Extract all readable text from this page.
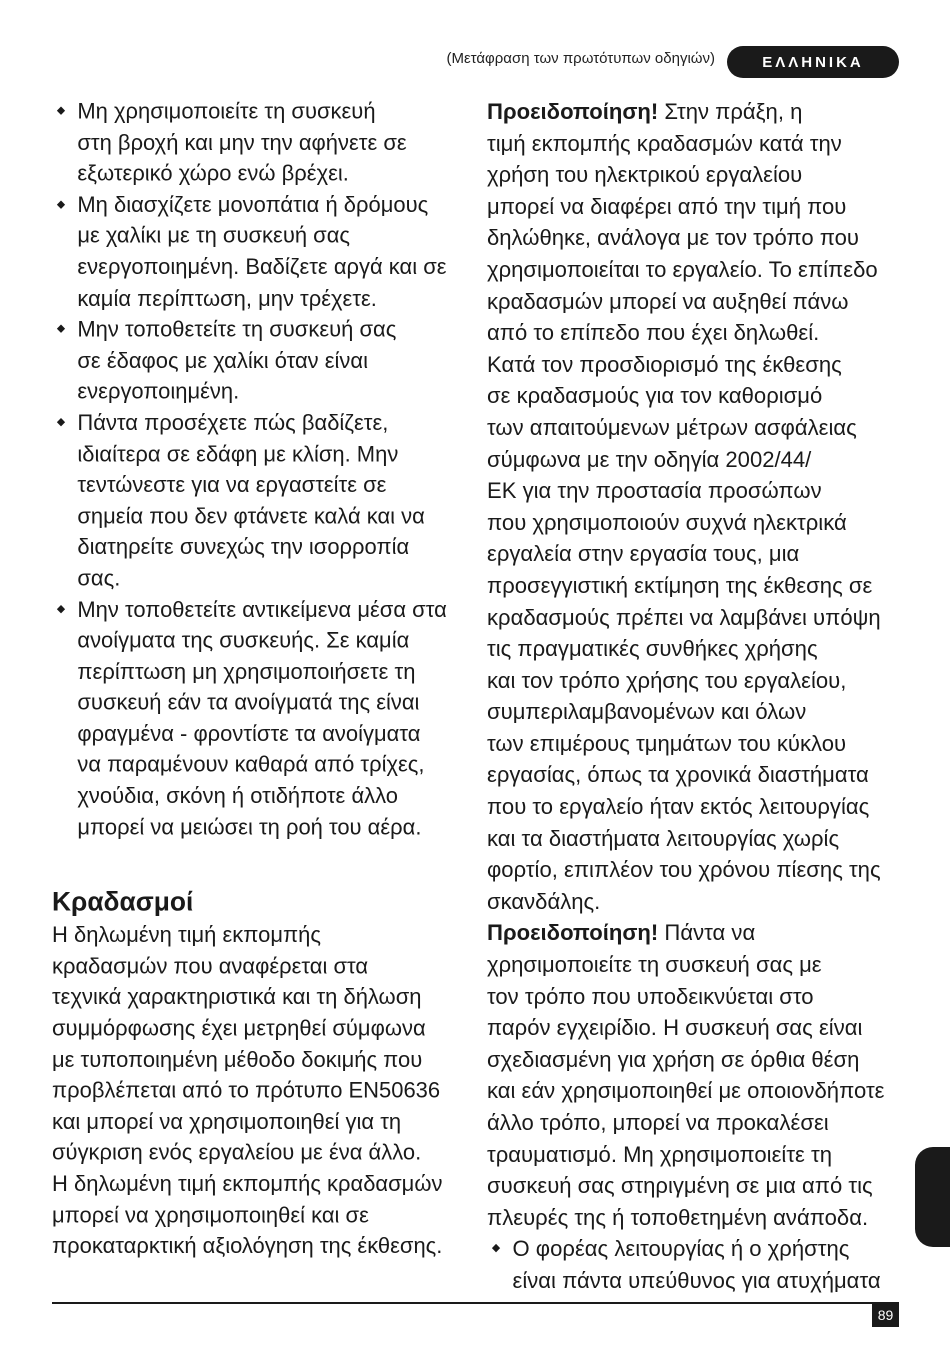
(Μετάφραση των πρωτότυπων οδηγιών)	ΕΛΛΗΝΙΚΑ
◆ Μη χρησιμοποιείτε τη συσκευή
στη βροχή και μην την αφήνετε σε
εξωτερικό χώρο ενώ βρέχει.
◆ Μη διασχίζετε μονοπάτια ή δρόμους
με χαλίκι με τη συσκευή σας
ενεργοποιημένη. Βαδίζετε αργά και σε
καμία περίπτωση, μην τρέχετε.
◆ Μην τοποθετείτε τη συσκευή σας
σε έδαφος με χαλίκι όταν είναι
ενεργοποιημένη.
◆ Πάντα προσέχετε πώς βαδίζετε,
ιδιαίτερα σε εδάφη με κλίση. Μην
τεντώνεστε για να εργαστείτε σε
σημεία που δεν φτάνετε καλά και να
διατηρείτε συνεχώς την ισορροπία
σας.
◆ Μην τοποθετείτε αντικείμενα μέσα στα
ανοίγματα της συσκευής. Σε καμία
περίπτωση μη χρησιμοποιήσετε τη
συσκευή εάν τα ανοίγματά της είναι
φραγμένα - φροντίστε τα ανοίγματα
να παραμένουν καθαρά από τρίχες,
χνούδια, σκόνη ή οτιδήποτε άλλο
μπορεί να μειώσει τη ροή του αέρα.
Κραδασμοί
Η δηλωμένη τιμή εκπομπής
κραδασμών που αναφέρεται στα
τεχνικά χαρακτηριστικά και τη δήλωση
συμμόρφωσης έχει μετρηθεί σύμφωνα
με τυποποιημένη μέθοδο δοκιμής που
προβλέπεται από το πρότυπο EN50636
και μπορεί να χρησιμοποιηθεί για τη
σύγκριση ενός εργαλείου με ένα άλλο.
Η δηλωμένη τιμή εκπομπής κραδασμών
μπορεί να χρησιμοποιηθεί και σε
προκαταρκτική αξιολόγηση της έκθεσης.
Προειδοποίηση! Στην πράξη, η
τιμή εκπομπής κραδασμών κατά την
χρήση του ηλεκτρικού εργαλείου
μπορεί να διαφέρει από την τιμή που
δηλώθηκε, ανάλογα με τον τρόπο που
χρησιμοποιείται το εργαλείο. Το επίπεδο
κραδασμών μπορεί να αυξηθεί πάνω
από το επίπεδο που έχει δηλωθεί.
Κατά τον προσδιορισμό της έκθεσης
σε κραδασμούς για τον καθορισμό
των απαιτούμενων μέτρων ασφάλειας
σύμφωνα με την οδηγία 2002/44/
ΕΚ για την προστασία προσώπων
που χρησιμοποιούν συχνά ηλεκτρικά
εργαλεία στην εργασία τους, μια
προσεγγιστική εκτίμηση της έκθεσης σε
κραδασμούς πρέπει να λαμβάνει υπόψη
τις πραγματικές συνθήκες χρήσης
και τον τρόπο χρήσης του εργαλείου,
συμπεριλαμβανομένων και όλων
των επιμέρους τμημάτων του κύκλου
εργασίας, όπως τα χρονικά διαστήματα
που το εργαλείο ήταν εκτός λειτουργίας
και τα διαστήματα λειτουργίας χωρίς
φορτίο, επιπλέον του χρόνου πίεσης της
σκανδάλης.
Προειδοποίηση! Πάντα να
χρησιμοποιείτε τη συσκευή σας με
τον τρόπο που υποδεικνύεται στο
παρόν εγχειρίδιο. Η συσκευή σας είναι
σχεδιασμένη για χρήση σε όρθια θέση
και εάν χρησιμοποιηθεί με οποιονδήποτε
άλλο τρόπο, μπορεί να προκαλέσει
τραυματισμό. Μη χρησιμοποιείτε τη
συσκευή σας στηριγμένη σε μια από τις
πλευρές της ή τοποθετημένη ανάποδα.
◆ Ο φορέας λειτουργίας ή ο χρήστης
είναι πάντα υπεύθυνος για ατυχήματα
89
